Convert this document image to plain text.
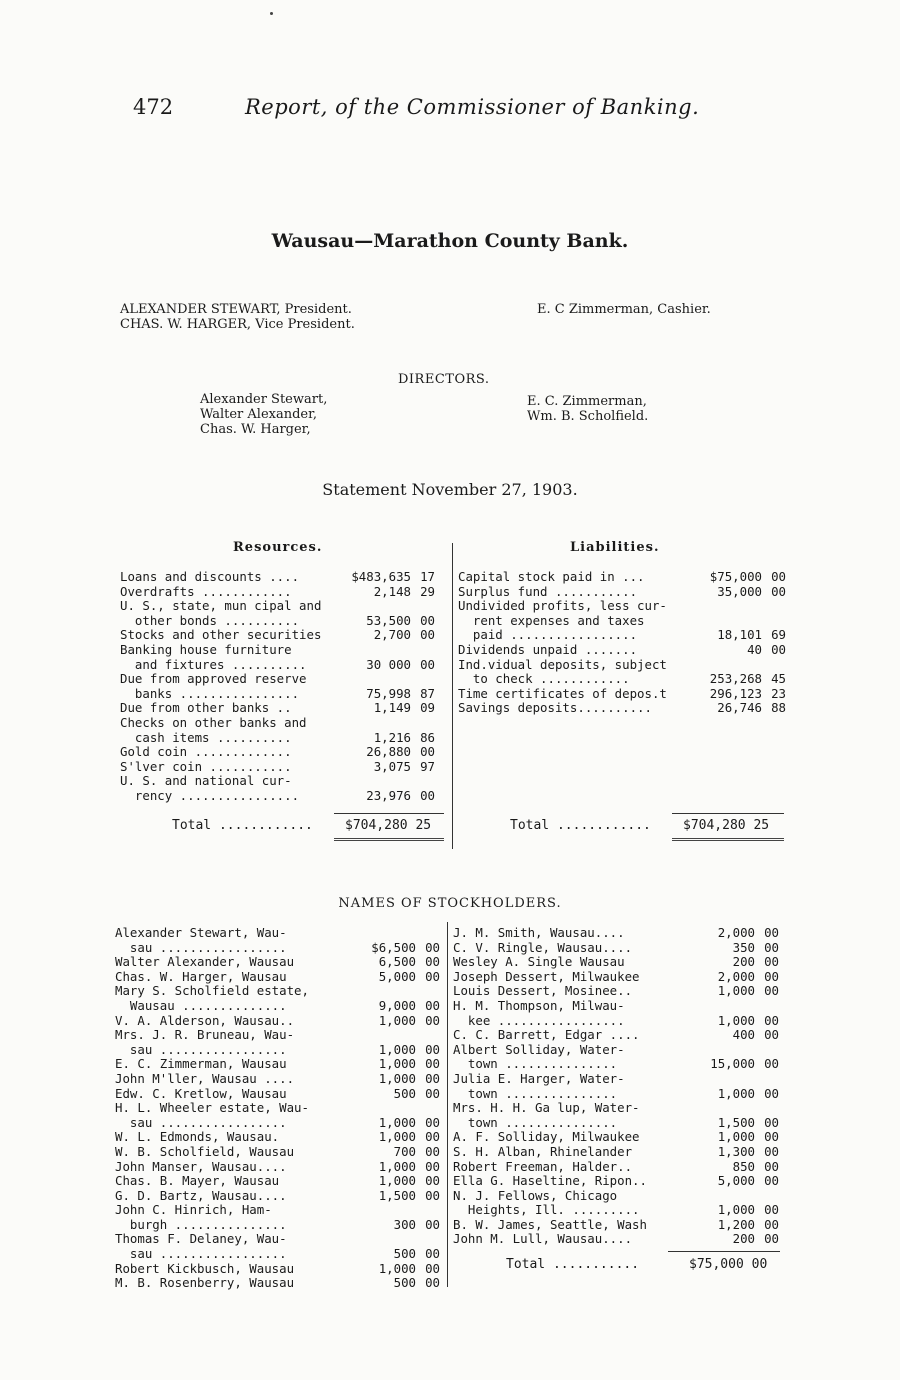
472	Report, of the Commissioner of Banking.
Wausau—Marathon County Bank.
ALEXANDER STEWART, President.
CHAS. W. HARGER, Vice President.
E. C Zimmerman, Cashier.
DIRECTORS.
Alexander Stewart,
Walter Alexander,
Chas. W. Harger,
E. C. Zimmerman,
Wm. B. Scholfield.
Statement November 27, 1903.
Resources.	Liabilities.
Loans and discounts ....	$483,635	17
Overdrafts ............	2,148	29
U. S., state, mun cipal and		
other bonds ..........	53,500	00
Stocks and other securities	2,700	00
Banking house furniture		
and fixtures ..........	30 000	00
Due from approved reserve		
banks ................	75,998	87
Due from other banks ..	1,149	09
Checks on other banks and		
cash items ..........	1,216	86
Gold coin .............	26,880	00
S'lver coin ...........	3,075	97
U. S. and national cur-		
rency ................	23,976	00
Capital stock paid in ...	$75,000	00
Surplus fund ...........	35,000	00
Undivided profits, less cur-		
rent expenses and taxes		
paid .................	18,101	69
Dividends unpaid .......	40	00
Ind.vidual deposits, subject		
to check ............	253,268	45
Time certificates of depos.t	296,123	23
Savings deposits..........	26,746	88
Total ............ $704,280 25	Total ............ $704,280 25
NAMES OF STOCKHOLDERS.
Alexander Stewart, Wau-		
sau .................	$6,500	00
Walter Alexander, Wausau	6,500	00
Chas. W. Harger, Wausau	5,000	00
Mary S. Scholfield estate,		
Wausau ..............	9,000	00
V. A. Alderson, Wausau..	1,000	00
Mrs. J. R. Bruneau, Wau-		
sau .................	1,000	00
E. C. Zimmerman, Wausau	1,000	00
John M'ller, Wausau ....	1,000	00
Edw. C. Kretlow, Wausau	500	00
H. L. Wheeler estate, Wau-		
sau .................	1,000	00
W. L. Edmonds, Wausau.	1,000	00
W. B. Scholfield, Wausau	700	00
John Manser, Wausau....	1,000	00
Chas. B. Mayer, Wausau	1,000	00
G. D. Bartz, Wausau....	1,500	00
John C. Hinrich, Ham-		
burgh ...............	300	00
Thomas F. Delaney, Wau-		
sau .................	500	00
Robert Kickbusch, Wausau	1,000	00
M. B. Rosenberry, Wausau	500	00
J. M. Smith, Wausau....	2,000	00
C. V. Ringle, Wausau....	350	00
Wesley A. Single Wausau	200	00
Joseph Dessert, Milwaukee	2,000	00
Louis Dessert, Mosinee..	1,000	00
H. M. Thompson, Milwau-		
kee .................	1,000	00
C. C. Barrett, Edgar ....	400	00
Albert Solliday, Water-		
town ...............	15,000	00
Julia E. Harger, Water-		
town ...............	1,000	00
Mrs. H. H. Ga lup, Water-		
town ...............	1,500	00
A. F. Solliday, Milwaukee	1,000	00
S. H. Alban, Rhinelander	1,300	00
Robert Freeman, Halder..	850	00
Ella G. Haseltine, Ripon..	5,000	00
N. J. Fellows, Chicago		
Heights, Ill. .........	1,000	00
B. W. James, Seattle, Wash	1,200	00
John M. Lull, Wausau....	200	00
Total ...........	$75,000 00
